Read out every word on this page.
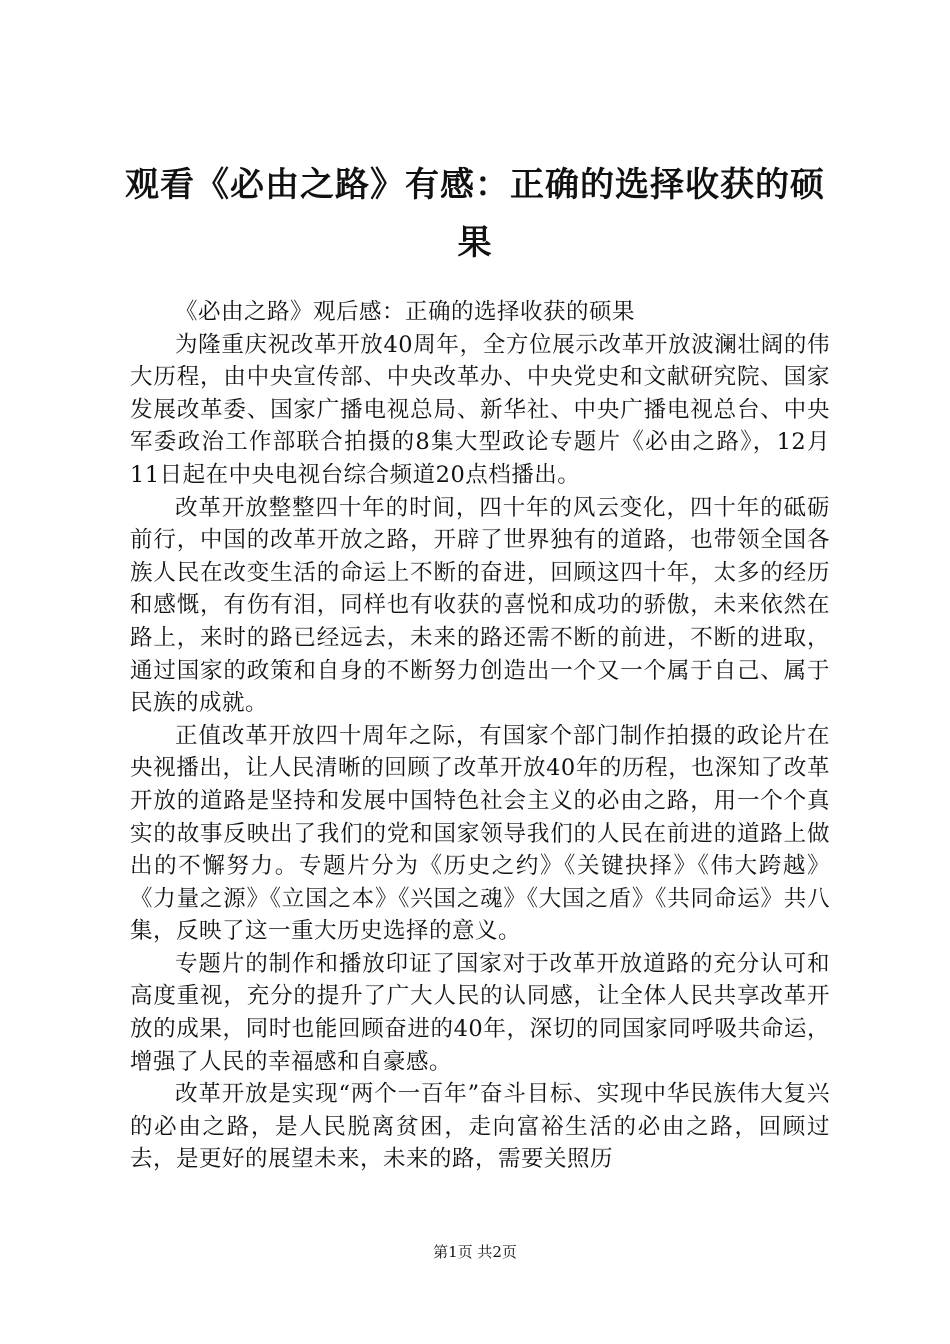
观看《必由之路》有感：正确的选择收获的硕果

《必由之路》观后感：正确的选择收获的硕果

为隆重庆祝改革开放40周年，全方位展示改革开放波澜壮阔的伟大历程，由中央宣传部、中央改革办、中央党史和文献研究院、国家发展改革委、国家广播电视总局、新华社、中央广播电视总台、中央军委政治工作部联合拍摄的8集大型政论专题片《必由之路》，12月11日起在中央电视台综合频道20点档播出。

改革开放整整四十年的时间，四十年的风云变化，四十年的砥砺前行，中国的改革开放之路，开辟了世界独有的道路，也带领全国各族人民在改变生活的命运上不断的奋进，回顾这四十年，太多的经历和感慨，有伤有泪，同样也有收获的喜悦和成功的骄傲，未来依然在路上，来时的路已经远去，未来的路还需不断的前进，不断的进取，通过国家的政策和自身的不断努力创造出一个又一个属于自己、属于民族的成就。

正值改革开放四十周年之际，有国家个部门制作拍摄的政论片在央视播出，让人民清晰的回顾了改革开放40年的历程，也深知了改革开放的道路是坚持和发展中国特色社会主义的必由之路，用一个个真实的故事反映出了我们的党和国家领导我们的人民在前进的道路上做出的不懈努力。专题片分为《历史之约》《关键抉择》《伟大跨越》《力量之源》《立国之本》《兴国之魂》《大国之盾》《共同命运》共八集，反映了这一重大历史选择的意义。

专题片的制作和播放印证了国家对于改革开放道路的充分认可和高度重视，充分的提升了广大人民的认同感，让全体人民共享改革开放的成果，同时也能回顾奋进的40年，深切的同国家同呼吸共命运，增强了人民的幸福感和自豪感。

改革开放是实现“两个一百年”奋斗目标、实现中华民族伟大复兴的必由之路，是人民脱离贫困，走向富裕生活的必由之路，回顾过去，是更好的展望未来，未来的路，需要关照历

第1页 共2页
